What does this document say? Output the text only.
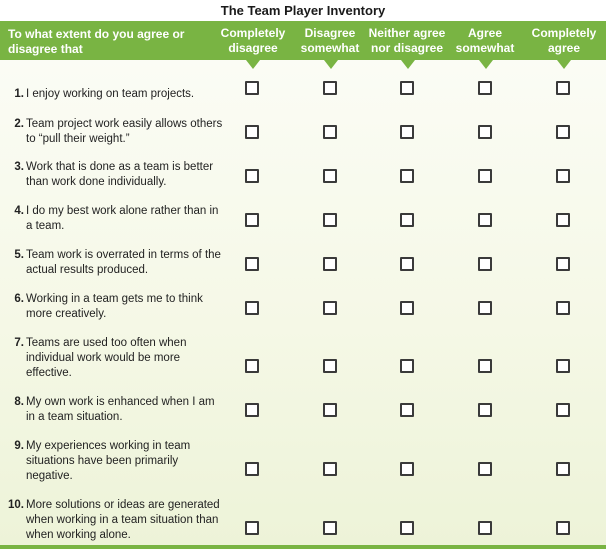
The Team Player Inventory
To what extent do you agree or disagree that
Completely
disagree
Disagree
somewhat
Neither agree
nor disagree
Agree
somewhat
Completely
agree
1. I enjoy working on team projects.
2. Team project work easily allows others to “pull their weight.”
3. Work that is done as a team is better than work done individually.
4. I do my best work alone rather than in a team.
5. Team work is overrated in terms of the actual results produced.
6. Working in a team gets me to think more creatively.
7. Teams are used too often when individual work would be more effective.
8. My own work is enhanced when I am in a team situation.
9. My experiences working in team situations have been primarily negative.
10. More solutions or ideas are generated when working in a team situation than when working alone.
